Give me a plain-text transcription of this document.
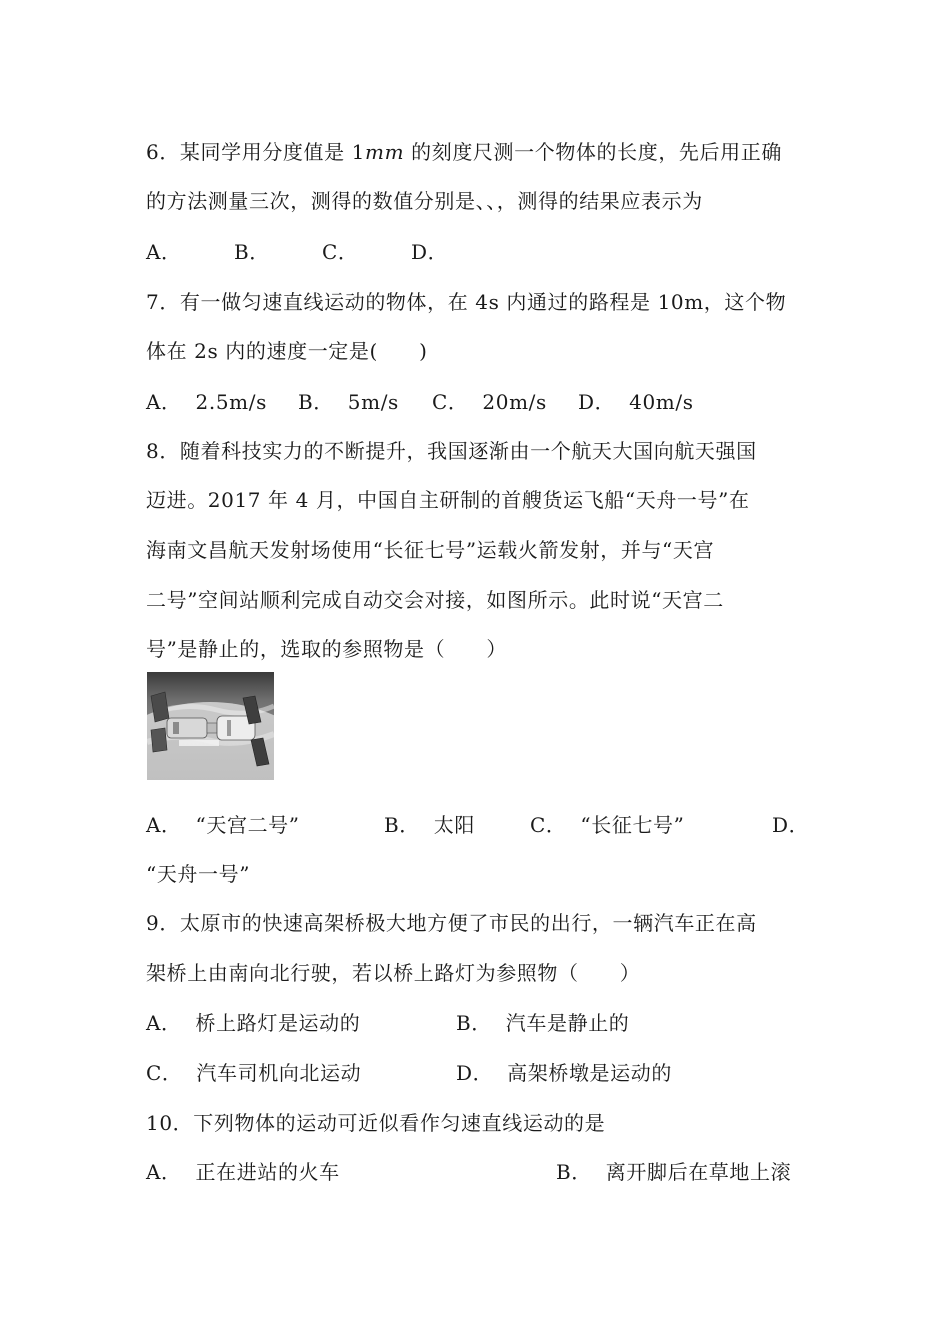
6．某同学用分度值是 1mm 的刻度尺测一个物体的长度，先后用正确
的方法测量三次，测得的数值分别是、、，测得的结果应表示为
A．	B．	C．	D．
7．有一做匀速直线运动的物体，在 4s 内通过的路程是 10m，这个物
体在 2s 内的速度一定是(　　)
A．  2.5m/s B．  5m/s C．  20m/s D．  40m/s
8．随着科技实力的不断提升，我国逐渐由一个航天大国向航天强国
迈进。2017 年 4 月，中国自主研制的首艘货运飞船“天舟一号”在
海南文昌航天发射场使用“长征七号”运载火箭发射，并与“天宫
二号”空间站顺利完成自动交会对接，如图所示。此时说“天宫二
号”是静止的，选取的参照物是（　　）
A．  “天宫二号”	B．  太阳	C．  “长征七号”	D．
“天舟一号”
9．太原市的快速高架桥极大地方便了市民的出行，一辆汽车正在高
架桥上由南向北行驶，若以桥上路灯为参照物（　　）
A．  桥上路灯是运动的	B．  汽车是静止的
C．  汽车司机向北运动	D．  高架桥墩是运动的
10．下列物体的运动可近似看作匀速直线运动的是
A．  正在进站的火车	B．  离开脚后在草地上滚
